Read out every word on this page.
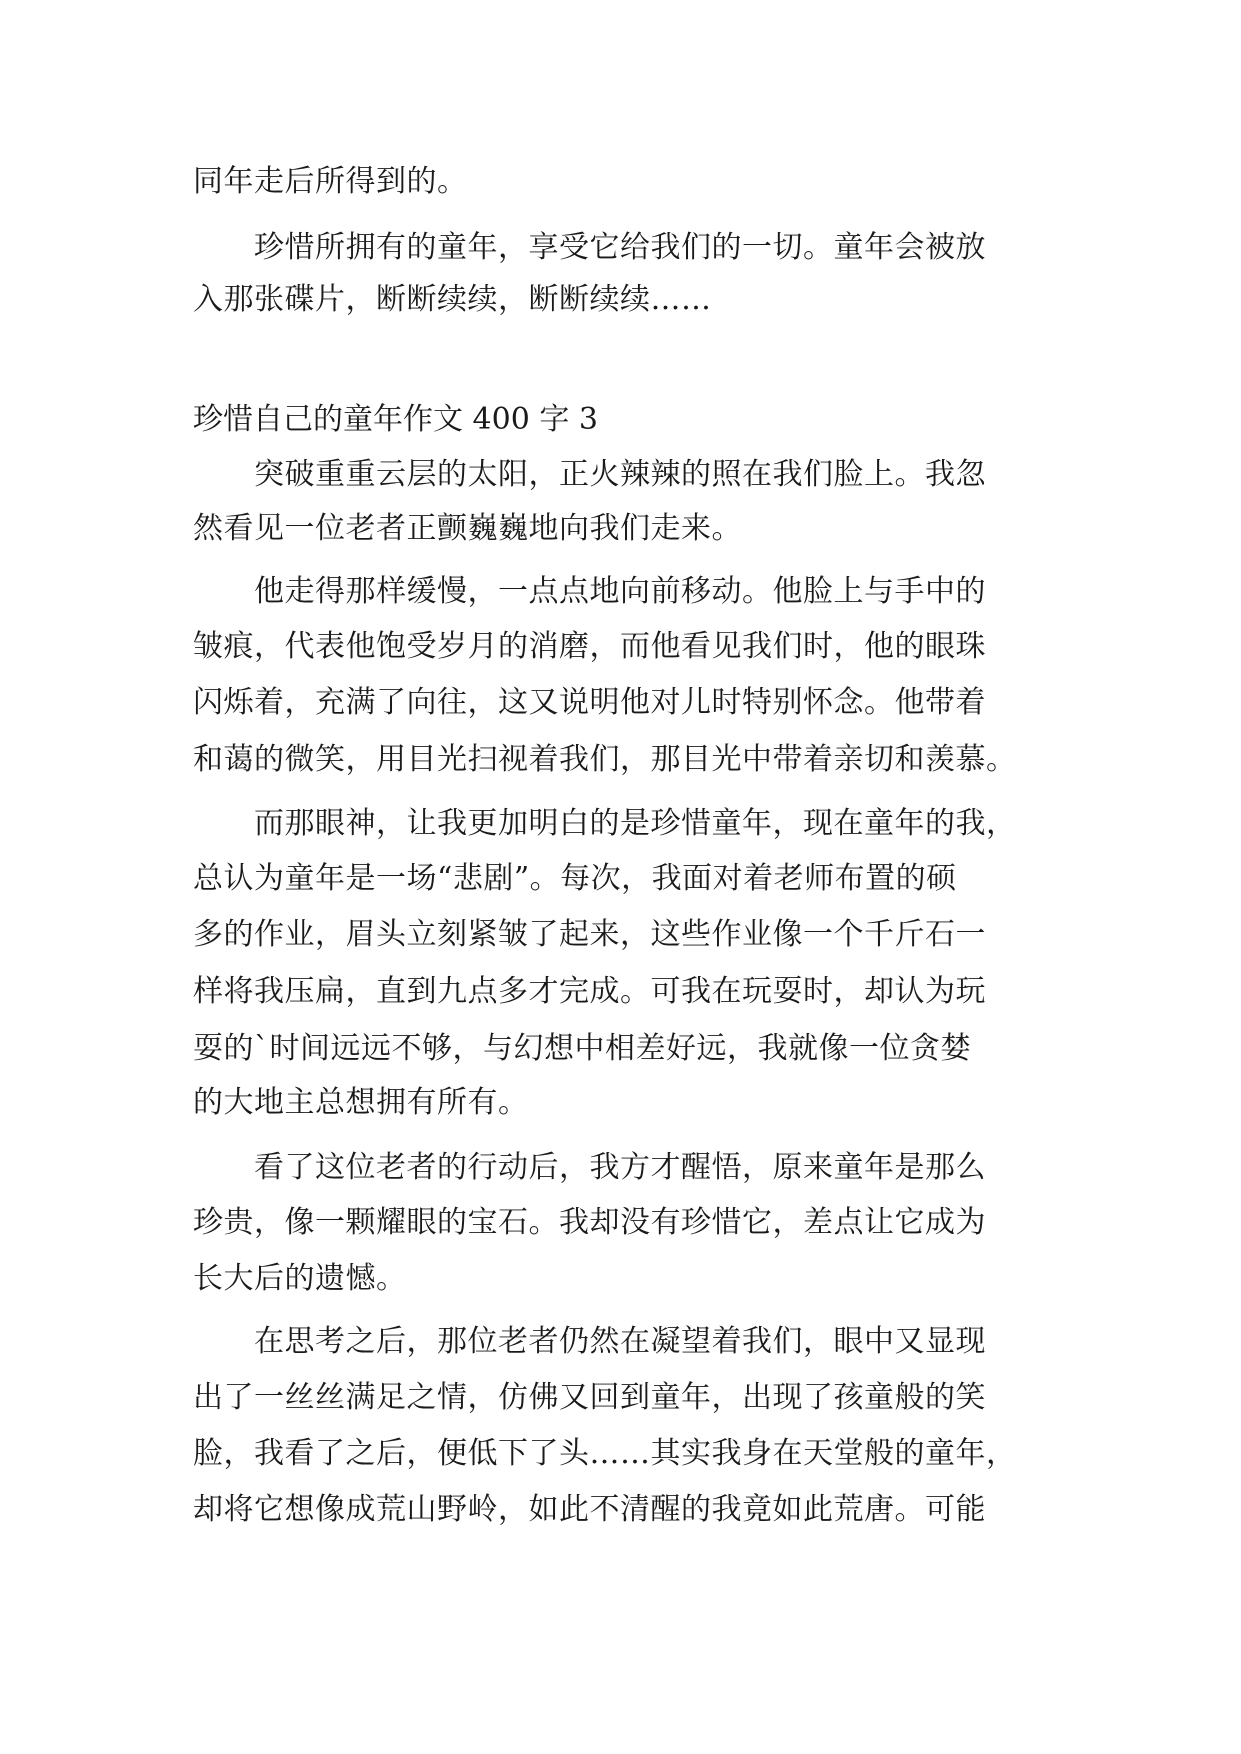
同年走后所得到的。

　　珍惜所拥有的童年，享受它给我们的一切。童年会被放

入那张碟片，断断续续，断断续续……

珍惜自己的童年作文 400 字 3

　　突破重重云层的太阳，正火辣辣的照在我们脸上。我忽

然看见一位老者正颤巍巍地向我们走来。

　　他走得那样缓慢，一点点地向前移动。他脸上与手中的

皱痕，代表他饱受岁月的消磨，而他看见我们时，他的眼珠

闪烁着，充满了向往，这又说明他对儿时特别怀念。他带着

和蔼的微笑，用目光扫视着我们，那目光中带着亲切和羡慕。

　　而那眼神，让我更加明白的是珍惜童年，现在童年的我，

总认为童年是一场“悲剧”。每次，我面对着老师布置的硕

多的作业，眉头立刻紧皱了起来，这些作业像一个千斤石一

样将我压扁，直到九点多才完成。可我在玩耍时，却认为玩

耍的`时间远远不够，与幻想中相差好远，我就像一位贪婪

的大地主总想拥有所有。

　　看了这位老者的行动后，我方才醒悟，原来童年是那么

珍贵，像一颗耀眼的宝石。我却没有珍惜它，差点让它成为

长大后的遗憾。

　　在思考之后，那位老者仍然在凝望着我们，眼中又显现

出了一丝丝满足之情，仿佛又回到童年，出现了孩童般的笑

脸，我看了之后，便低下了头……其实我身在天堂般的童年，

却将它想像成荒山野岭，如此不清醒的我竟如此荒唐。可能
